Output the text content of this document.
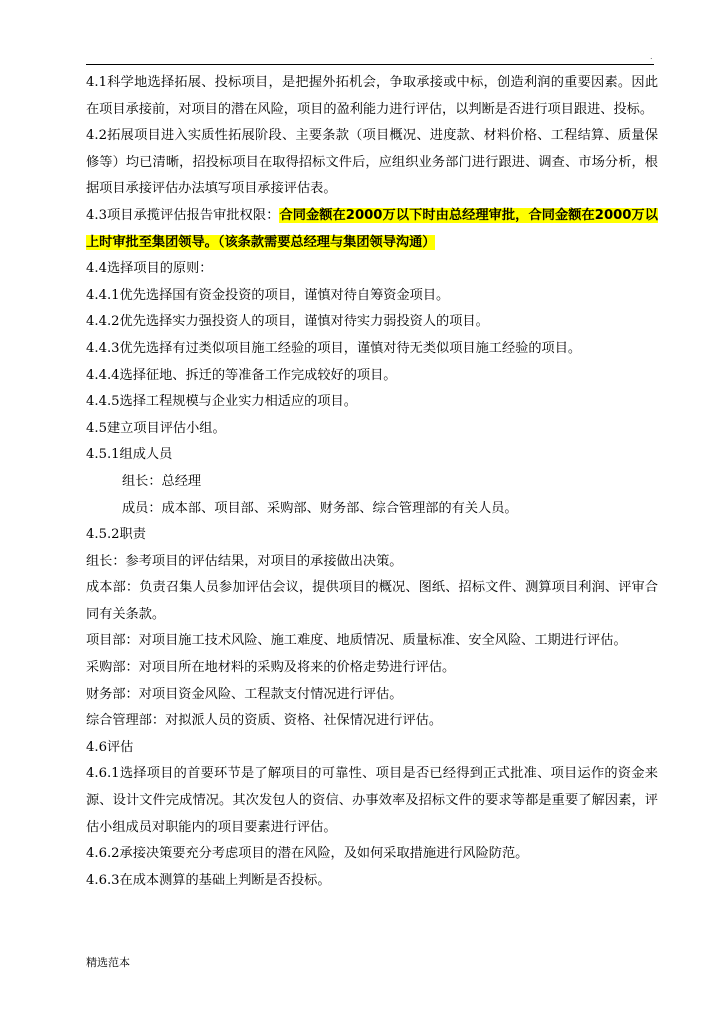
.

4.1科学地选择拓展、投标项目，是把握外拓机会，争取承接或中标，创造利润的重要因素。因此在项目承接前，对项目的潜在风险，项目的盈利能力进行评估，以判断是否进行项目跟进、投标。

4.2拓展项目进入实质性拓展阶段、主要条款（项目概况、进度款、材料价格、工程结算、质量保修等）均已清晰，招投标项目在取得招标文件后，应组织业务部门进行跟进、调查、市场分析，根据项目承接评估办法填写项目承接评估表。

4.3项目承揽评估报告审批权限：合同金额在2000万以下时由总经理审批，合同金额在2000万以上时审批至集团领导。（该条款需要总经理与集团领导沟通）

4.4选择项目的原则：

4.4.1优先选择国有资金投资的项目，谨慎对待自筹资金项目。

4.4.2优先选择实力强投资人的项目，谨慎对待实力弱投资人的项目。

4.4.3优先选择有过类似项目施工经验的项目，谨慎对待无类似项目施工经验的项目。

4.4.4选择征地、拆迁的等准备工作完成较好的项目。

4.4.5选择工程规模与企业实力相适应的项目。

4.5建立项目评估小组。

4.5.1组成人员

组长：总经理

成员：成本部、项目部、采购部、财务部、综合管理部的有关人员。

4.5.2职责

组长：参考项目的评估结果，对项目的承接做出决策。

成本部：负责召集人员参加评估会议，提供项目的概况、图纸、招标文件、测算项目利润、评审合同有关条款。

项目部：对项目施工技术风险、施工难度、地质情况、质量标准、安全风险、工期进行评估。

采购部：对项目所在地材料的采购及将来的价格走势进行评估。

财务部：对项目资金风险、工程款支付情况进行评估。

综合管理部：对拟派人员的资质、资格、社保情况进行评估。

4.6评估

4.6.1选择项目的首要环节是了解项目的可靠性、项目是否已经得到正式批准、项目运作的资金来源、设计文件完成情况。其次发包人的资信、办事效率及招标文件的要求等都是重要了解因素，评估小组成员对职能内的项目要素进行评估。

4.6.2承接决策要充分考虑项目的潜在风险，及如何采取措施进行风险防范。

4.6.3在成本测算的基础上判断是否投标。

精选范本
